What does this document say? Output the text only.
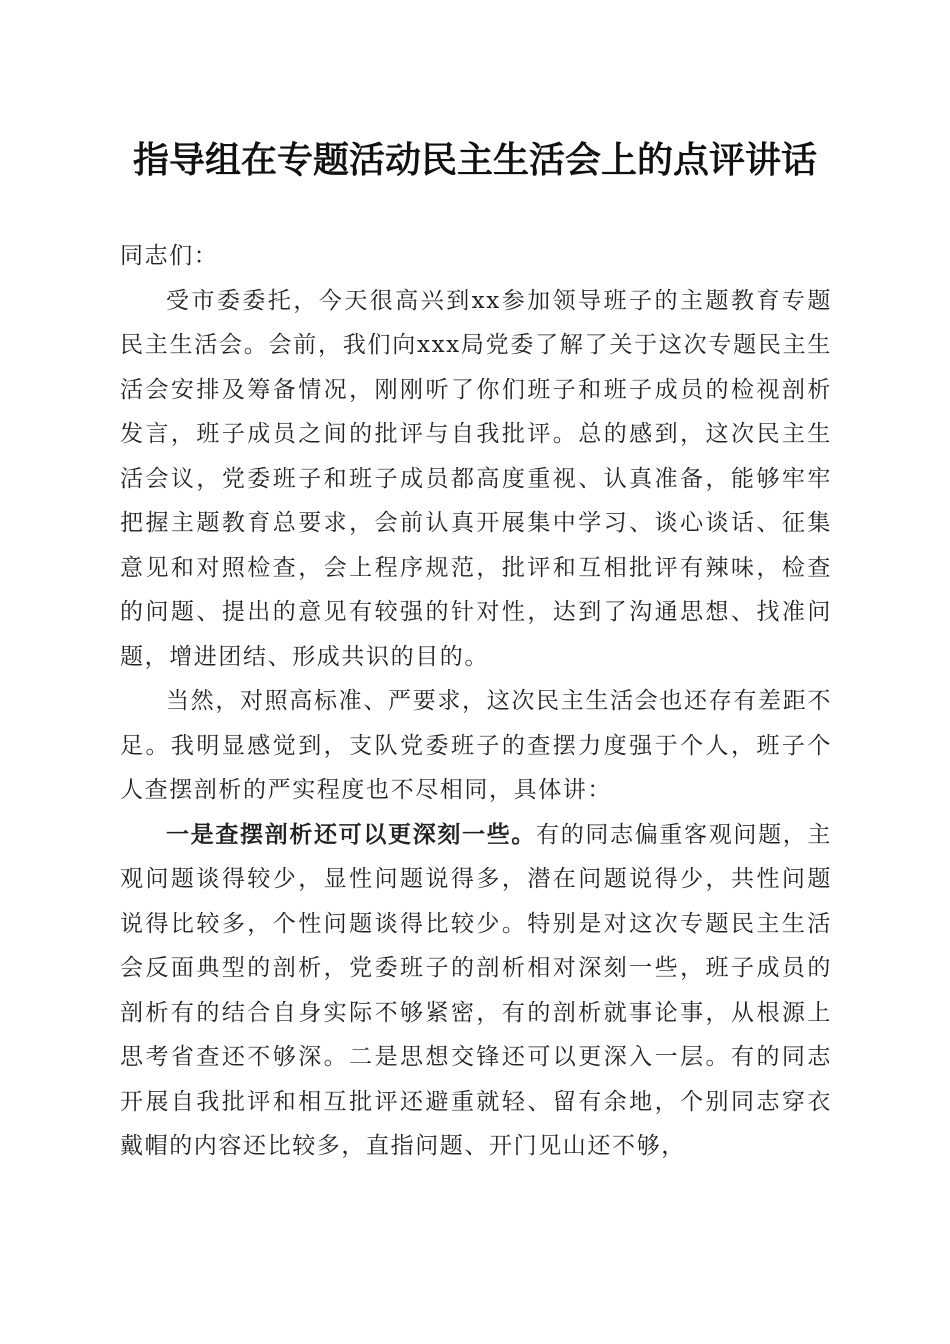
指导组在专题活动民主生活会上的点评讲话

同志们：

受市委委托，今天很高兴到xx参加领导班子的主题教育专题民主生活会。会前，我们向xxx局党委了解了关于这次专题民主生活会安排及筹备情况，刚刚听了你们班子和班子成员的检视剖析发言，班子成员之间的批评与自我批评。总的感到，这次民主生活会议，党委班子和班子成员都高度重视、认真准备，能够牢牢把握主题教育总要求，会前认真开展集中学习、谈心谈话、征集意见和对照检查，会上程序规范，批评和互相批评有辣味，检查的问题、提出的意见有较强的针对性，达到了沟通思想、找准问题，增进团结、形成共识的目的。

当然，对照高标准、严要求，这次民主生活会也还存有差距不足。我明显感觉到，支队党委班子的查摆力度强于个人，班子个人查摆剖析的严实程度也不尽相同，具体讲：

一是查摆剖析还可以更深刻一些。有的同志偏重客观问题，主观问题谈得较少，显性问题说得多，潜在问题说得少，共性问题说得比较多，个性问题谈得比较少。特别是对这次专题民主生活会反面典型的剖析，党委班子的剖析相对深刻一些，班子成员的剖析有的结合自身实际不够紧密，有的剖析就事论事，从根源上思考省查还不够深。二是思想交锋还可以更深入一层。有的同志开展自我批评和相互批评还避重就轻、留有余地，个别同志穿衣戴帽的内容还比较多，直指问题、开门见山还不够，
